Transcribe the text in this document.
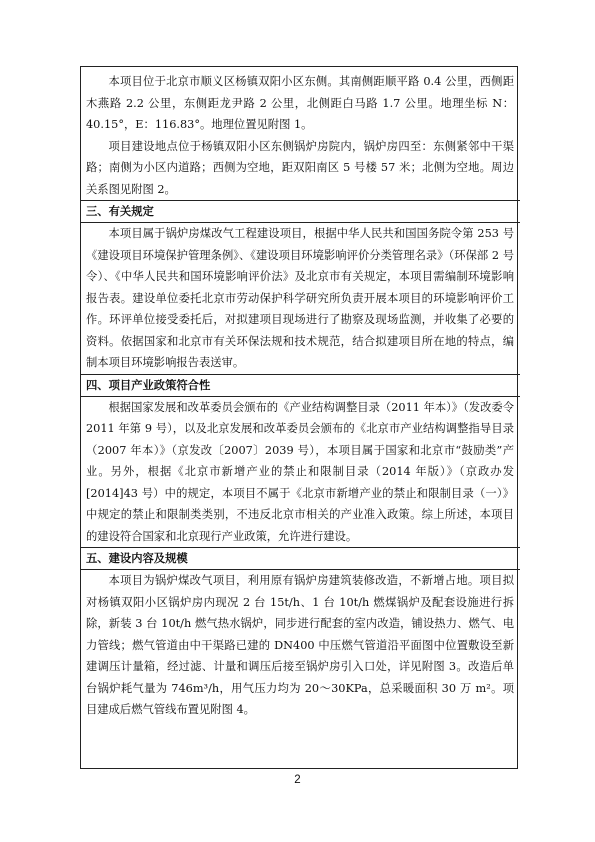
本项目位于北京市顺义区杨镇双阳小区东侧。其南侧距顺平路 0.4 公里，西侧距木燕路 2.2 公里，东侧距龙尹路 2 公里，北侧距白马路 1.7 公里。地理坐标 N：40.15°，E：116.83°。地理位置见附图 1。

项目建设地点位于杨镇双阳小区东侧锅炉房院内，锅炉房四至：东侧紧邻中干渠路；南侧为小区内道路；西侧为空地，距双阳南区 5 号楼 57 米；北侧为空地。周边关系图见附图 2。

三、有关规定

本项目属于锅炉房煤改气工程建设项目，根据中华人民共和国国务院令第 253 号《建设项目环境保护管理条例》、《建设项目环境影响评价分类管理名录》（环保部 2 号令）、《中华人民共和国环境影响评价法》及北京市有关规定，本项目需编制环境影响报告表。建设单位委托北京市劳动保护科学研究所负责开展本项目的环境影响评价工作。环评单位接受委托后，对拟建项目现场进行了勘察及现场监测，并收集了必要的资料。依据国家和北京市有关环保法规和技术规范，结合拟建项目所在地的特点，编制本项目环境影响报告表送审。

四、项目产业政策符合性

根据国家发展和改革委员会颁布的《产业结构调整目录（2011 年本）》（发改委令 2011 年第 9 号），以及北京发展和改革委员会颁布的《北京市产业结构调整指导目录（2007 年本）》（京发改〔2007〕2039 号），本项目属于国家和北京市“鼓励类”产业。另外，根据《北京市新增产业的禁止和限制目录（2014 年版）》（京政办发[2014]43 号）中的规定，本项目不属于《北京市新增产业的禁止和限制目录（一）》中规定的禁止和限制类类别，不违反北京市相关的产业准入政策。综上所述，本项目的建设符合国家和北京现行产业政策，允许进行建设。

五、建设内容及规模

本项目为锅炉煤改气项目，利用原有锅炉房建筑装修改造，不新增占地。项目拟对杨镇双阳小区锅炉房内现况 2 台 15t/h、1 台 10t/h 燃煤锅炉及配套设施进行拆除，新装 3 台 10t/h 燃气热水锅炉，同步进行配套的室内改造，铺设热力、燃气、电力管线；燃气管道由中干渠路已建的 DN400 中压燃气管道沿平面图中位置敷设至新建调压计量箱，经过滤、计量和调压后接至锅炉房引入口处，详见附图 3。改造后单台锅炉耗气量为 746m³/h，用气压力均为 20～30KPa，总采暖面积 30 万 m²。项目建成后燃气管线布置见附图 4。

2
